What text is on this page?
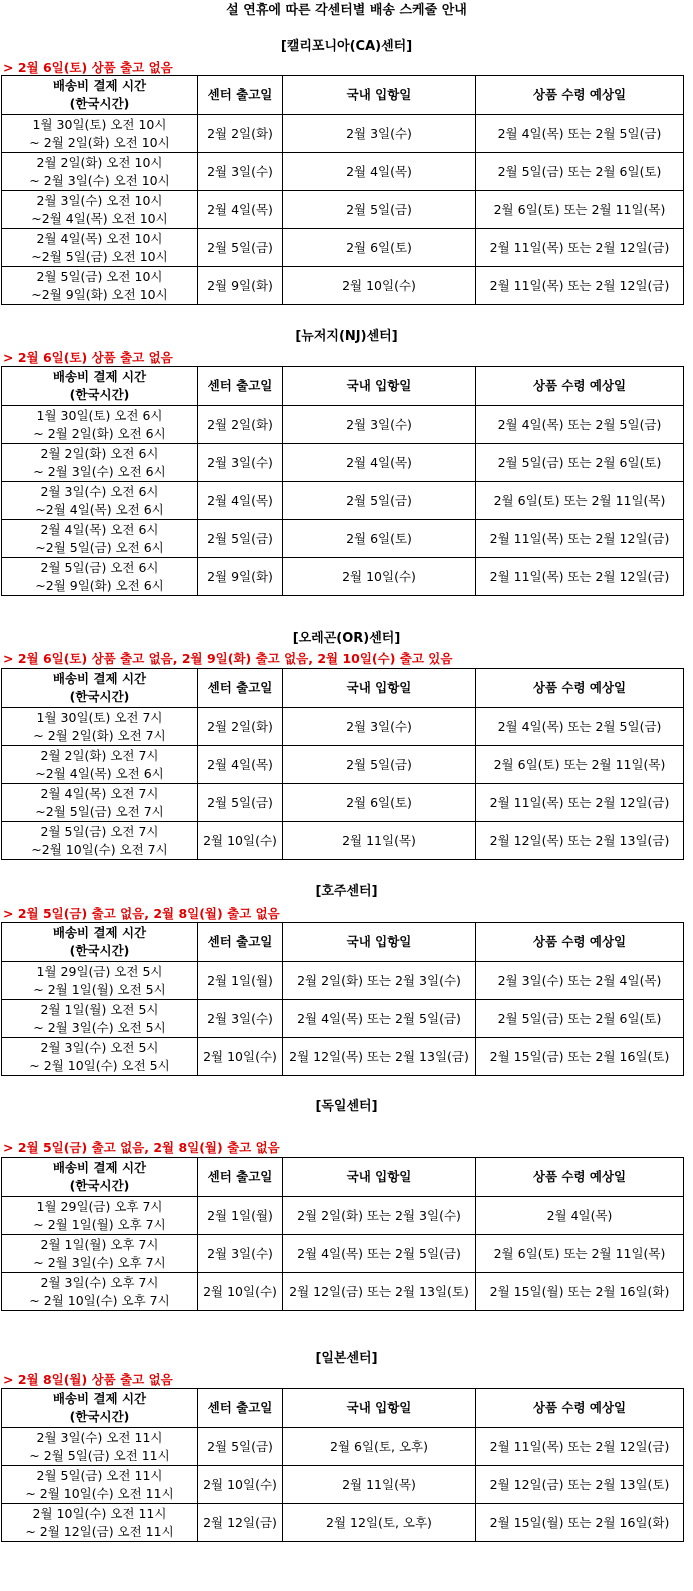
설 연휴에 따른 각센터별 배송 스케줄 안내
[캘리포니아(CA)센터]
> 2월 6일(토) 상품 출고 없음
배송비 결제 시간
(한국시간)	센터 출고일	국내 입항일	상품 수령 예상일

1월 30일(토) 오전 10시
~ 2월 2일(화) 오전 10시	2월 2일(화)	2월 3일(수)	2월 4일(목) 또는 2월 5일(금)

2월 2일(화) 오전 10시
~ 2월 3일(수) 오전 10시	2월 3일(수)	2월 4일(목)	2월 5일(금) 또는 2월 6일(토)

2월 3일(수) 오전 10시
~2월 4일(목) 오전 10시	2월 4일(목)	2월 5일(금)	2월 6일(토) 또는 2월 11일(목)

2월 4일(목) 오전 10시
~2월 5일(금) 오전 10시	2월 5일(금)	2월 6일(토)	2월 11일(목) 또는 2월 12일(금)

2월 5일(금) 오전 10시
~2월 9일(화) 오전 10시	2월 9일(화)	2월 10일(수)	2월 11일(목) 또는 2월 12일(금)
[뉴저지(NJ)센터]
> 2월 6일(토) 상품 출고 없음
배송비 결제 시간
(한국시간)	센터 출고일	국내 입항일	상품 수령 예상일

1월 30일(토) 오전 6시
~ 2월 2일(화) 오전 6시	2월 2일(화)	2월 3일(수)	2월 4일(목) 또는 2월 5일(금)

2월 2일(화) 오전 6시
~ 2월 3일(수) 오전 6시	2월 3일(수)	2월 4일(목)	2월 5일(금) 또는 2월 6일(토)

2월 3일(수) 오전 6시
~2월 4일(목) 오전 6시	2월 4일(목)	2월 5일(금)	2월 6일(토) 또는 2월 11일(목)

2월 4일(목) 오전 6시
~2월 5일(금) 오전 6시	2월 5일(금)	2월 6일(토)	2월 11일(목) 또는 2월 12일(금)

2월 5일(금) 오전 6시
~2월 9일(화) 오전 6시	2월 9일(화)	2월 10일(수)	2월 11일(목) 또는 2월 12일(금)
[오레곤(OR)센터]
> 2월 6일(토) 상품 출고 없음, 2월 9일(화) 출고 없음, 2월 10일(수) 출고 있음
배송비 결제 시간
(한국시간)	센터 출고일	국내 입항일	상품 수령 예상일

1월 30일(토) 오전 7시
~ 2월 2일(화) 오전 7시	2월 2일(화)	2월 3일(수)	2월 4일(목) 또는 2월 5일(금)

2월 2일(화) 오전 7시
~2월 4일(목) 오전 6시	2월 4일(목)	2월 5일(금)	2월 6일(토) 또는 2월 11일(목)

2월 4일(목) 오전 7시
~2월 5일(금) 오전 7시	2월 5일(금)	2월 6일(토)	2월 11일(목) 또는 2월 12일(금)

2월 5일(금) 오전 7시
~2월 10일(수) 오전 7시	2월 10일(수)	2월 11일(목)	2월 12일(목) 또는 2월 13일(금)
[호주센터]
> 2월 5일(금) 출고 없음, 2월 8일(월) 출고 없음
배송비 결제 시간
(한국시간)	센터 출고일	국내 입항일	상품 수령 예상일

1월 29일(금) 오전 5시
~ 2월 1일(월) 오전 5시	2월 1일(월)	2월 2일(화) 또는 2월 3일(수)	2월 3일(수) 또는 2월 4일(목)

2월 1일(월) 오전 5시
~ 2월 3일(수) 오전 5시	2월 3일(수)	2월 4일(목) 또는 2월 5일(금)	2월 5일(금) 또는 2월 6일(토)

2월 3일(수) 오전 5시
~ 2월 10일(수) 오전 5시	2월 10일(수)	2월 12일(목) 또는 2월 13일(금)	2월 15일(금) 또는 2월 16일(토)
[독일센터]
> 2월 5일(금) 출고 없음, 2월 8일(월) 출고 없음
배송비 결제 시간
(한국시간)	센터 출고일	국내 입항일	상품 수령 예상일

1월 29일(금) 오후 7시
~ 2월 1일(월) 오후 7시	2월 1일(월)	2월 2일(화) 또는 2월 3일(수)	2월 4일(목)

2월 1일(월) 오후 7시
~ 2월 3일(수) 오후 7시	2월 3일(수)	2월 4일(목) 또는 2월 5일(금)	2월 6일(토) 또는 2월 11일(목)

2월 3일(수) 오후 7시
~ 2월 10일(수) 오후 7시	2월 10일(수)	2월 12일(금) 또는 2월 13일(토)	2월 15일(월) 또는 2월 16일(화)
[일본센터]
> 2월 8일(월) 상품 출고 없음
배송비 결제 시간
(한국시간)	센터 출고일	국내 입항일	상품 수령 예상일

2월 3일(수) 오전 11시
~ 2월 5일(금) 오전 11시	2월 5일(금)	2월 6일(토, 오후)	2월 11일(목) 또는 2월 12일(금)

2월 5일(금) 오전 11시
~ 2월 10일(수) 오전 11시	2월 10일(수)	2월 11일(목)	2월 12일(금) 또는 2월 13일(토)

2월 10일(수) 오전 11시
~ 2월 12일(금) 오전 11시	2월 12일(금)	2월 12일(토, 오후)	2월 15일(월) 또는 2월 16일(화)
